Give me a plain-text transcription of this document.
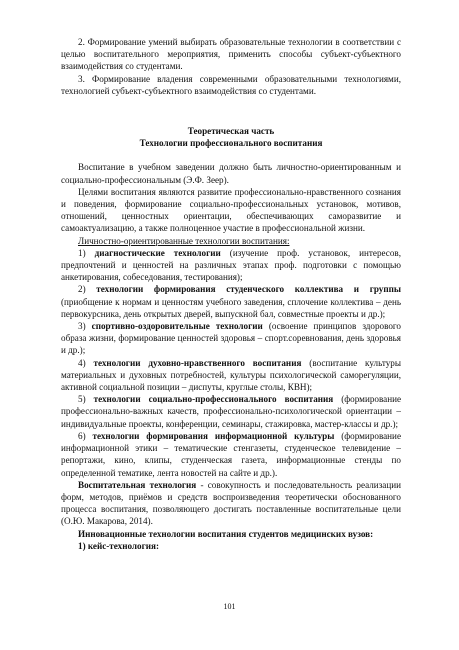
2. Формирование умений выбирать образовательные технологии в соответствии с целью воспитательного мероприятия, применить способы субъект-субъектного взаимодействия со студентами.

3. Формирование владения современными образовательными технологиями, технологией субъект-субъектного взаимодействия со студентами.

Теоретическая часть

Технологии профессионального воспитания

Воспитание в учебном заведении должно быть личностно-ориентированным и социально-профессиональным (Э.Ф. Зеер).

Целями воспитания являются развитие профессионально-нравственного сознания и поведения, формирование социально-профессиональных установок, мотивов, отношений, ценностных ориентации, обеспечивающих саморазвитие и самоактуализацию, а также полноценное участие в профессиональной жизни.

Личностно-ориентированные технологии воспитания:

1) диагностические технологии (изучение проф. установок, интересов, предпочтений и ценностей на различных этапах проф. подготовки с помощью анкетирования, собеседования, тестирования);

2) технологии формирования студенческого коллектива и группы (приобщение к нормам и ценностям учебного заведения, сплочение коллектива – день первокурсника, день открытых дверей, выпускной бал, совместные проекты и др.);

3) спортивно-оздоровительные технологии (освоение принципов здорового образа жизни, формирование ценностей здоровья – спорт.соревнования, день здоровья и др.);

4) технологии духовно-нравственного воспитания (воспитание культуры материальных и духовных потребностей, культуры психологической саморегуляции, активной социальной позиции – диспуты, круглые столы, КВН);

5) технологии социально-профессионального воспитания (формирование профессионально-важных качеств, профессионально-психологической ориентации – индивидуальные проекты, конференции, семинары, стажировка, мастер-классы и др.);

6) технологии формирования информационной культуры (формирование информационной этики – тематические стенгазеты, студенческое телевидение – репортажи, кино, клипы, студенческая газета, информационные стенды по определенной тематике, лента новостей на сайте и др.).

Воспитательная технология - совокупность и последовательность реализации форм, методов, приёмов и средств воспроизведения теоретически обоснованного процесса воспитания, позволяющего достигать поставленные воспитательные цели (О.Ю. Макарова, 2014).

Инновационные технологии воспитания студентов медицинских вузов:

1) кейс-технология:

101
